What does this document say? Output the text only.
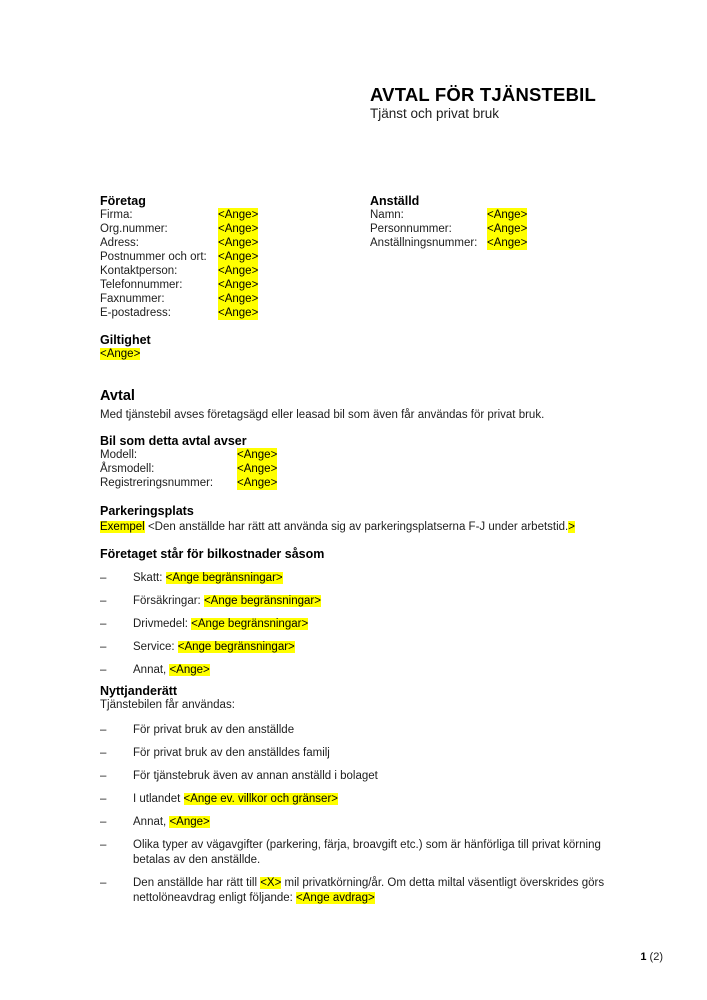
AVTAL FÖR TJÄNSTEBIL
Tjänst och privat bruk
Företag
Firma:	<Ange>
Org.nummer:	<Ange>
Adress:	<Ange>
Postnummer och ort: <Ange>
Kontaktperson:	<Ange>
Telefonnummer:	<Ange>
Faxnummer:	<Ange>
E-postadress:	<Ange>
Anställd
Namn:	<Ange>
Personnummer:	<Ange>
Anställningsnummer: <Ange>
Giltighet
<Ange>
Avtal
Med tjänstebil avses företagsägd eller leasad bil som även får användas för privat bruk.
Bil som detta avtal avser
Modell:	<Ange>
Årsmodell:	<Ange>
Registreringsnummer:	<Ange>
Parkeringsplats
Exempel <Den anställde har rätt att använda sig av parkeringsplatserna F-J under arbetstid.>
Företaget står för bilkostnader såsom
–	Skatt: <Ange begränsningar>
–	Försäkringar: <Ange begränsningar>
–	Drivmedel: <Ange begränsningar>
–	Service: <Ange begränsningar>
–	Annat, <Ange>
Nyttjanderätt
Tjänstebilen får användas:
–	För privat bruk av den anställde
–	För privat bruk av den anställdes familj
–	För tjänstebruk även av annan anställd i bolaget
–	I utlandet <Ange ev. villkor och gränser>
–	Annat, <Ange>
–	Olika typer av vägavgifter (parkering, färja, broavgift etc.) som är hänförliga till privat körning betalas av den anställde.
–	Den anställde har rätt till <X> mil privatkörning/år. Om detta miltal väsentligt överskrides görs nettolöneavdrag enligt följande: <Ange avdrag>
1 (2)
